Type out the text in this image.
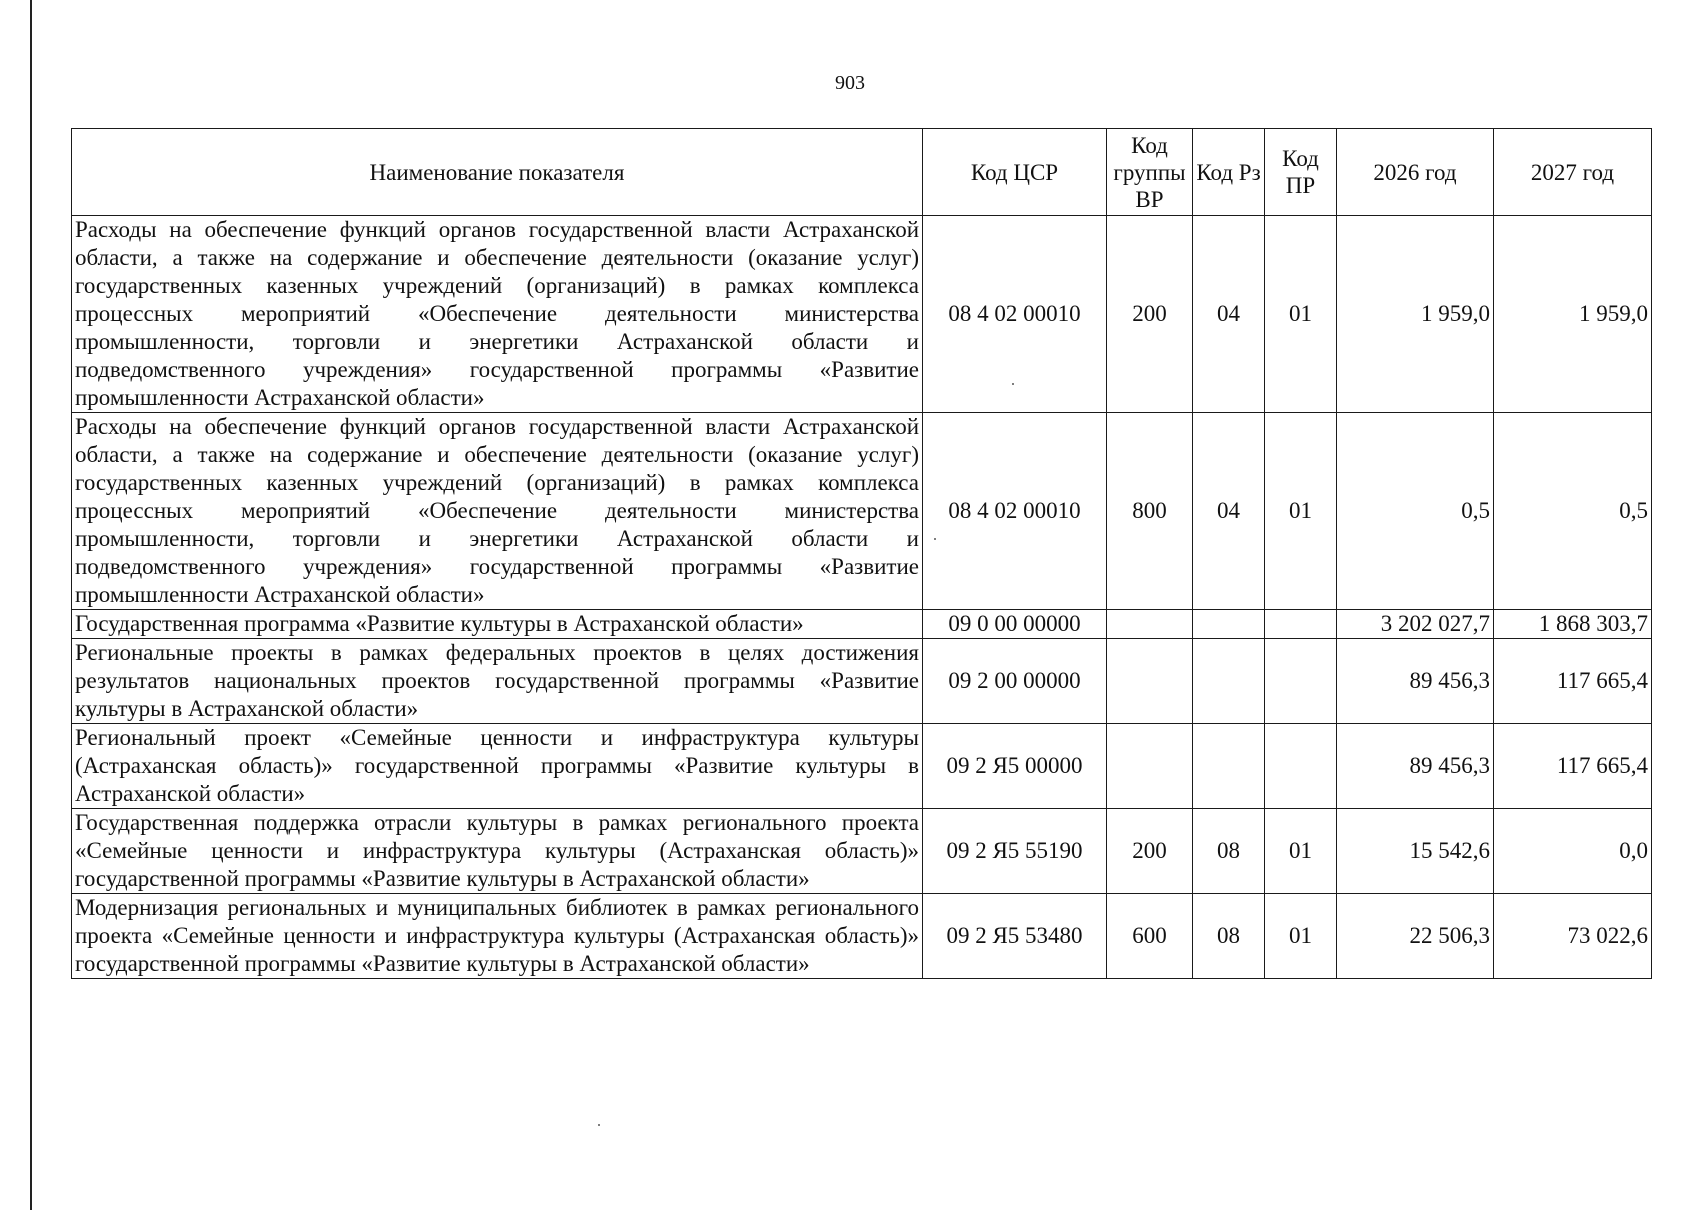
903
Наименование показателя	Код ЦСР	Код группы ВР	Код Рз	Код ПР	2026 год	2027 год
Расходы на обеспечение функций органов государственной власти Астраханской области, а также на содержание и обеспечение деятельности (оказание услуг) государственных казенных учреждений (организаций) в рамках комплекса процессных мероприятий «Обеспечение деятельности министерства промышленности, торговли и энергетики Астраханской области и подведомственного учреждения» государственной программы «Развитие промышленности Астраханской области»	08 4 02 00010	200	04	01	1 959,0	1 959,0
Расходы на обеспечение функций органов государственной власти Астраханской области, а также на содержание и обеспечение деятельности (оказание услуг) государственных казенных учреждений (организаций) в рамках комплекса процессных мероприятий «Обеспечение деятельности министерства промышленности, торговли и энергетики Астраханской области и подведомственного учреждения» государственной программы «Развитие промышленности Астраханской области»	08 4 02 00010	800	04	01	0,5	0,5
Государственная программа «Развитие культуры в Астраханской области»	09 0 00 00000				3 202 027,7	1 868 303,7
Региональные проекты в рамках федеральных проектов в целях достижения результатов национальных проектов государственной программы «Развитие культуры в Астраханской области»	09 2 00 00000				89 456,3	117 665,4
Региональный проект «Семейные ценности и инфраструктура культуры (Астраханская область)» государственной программы «Развитие культуры в Астраханской области»	09 2 Я5 00000				89 456,3	117 665,4
Государственная поддержка отрасли культуры в рамках регионального проекта «Семейные ценности и инфраструктура культуры (Астраханская область)» государственной программы «Развитие культуры в Астраханской области»	09 2 Я5 55190	200	08	01	15 542,6	0,0
Модернизация региональных и муниципальных библиотек в рамках регионального проекта «Семейные ценности и инфраструктура культуры (Астраханская область)» государственной программы «Развитие культуры в Астраханской области»	09 2 Я5 53480	600	08	01	22 506,3	73 022,6
